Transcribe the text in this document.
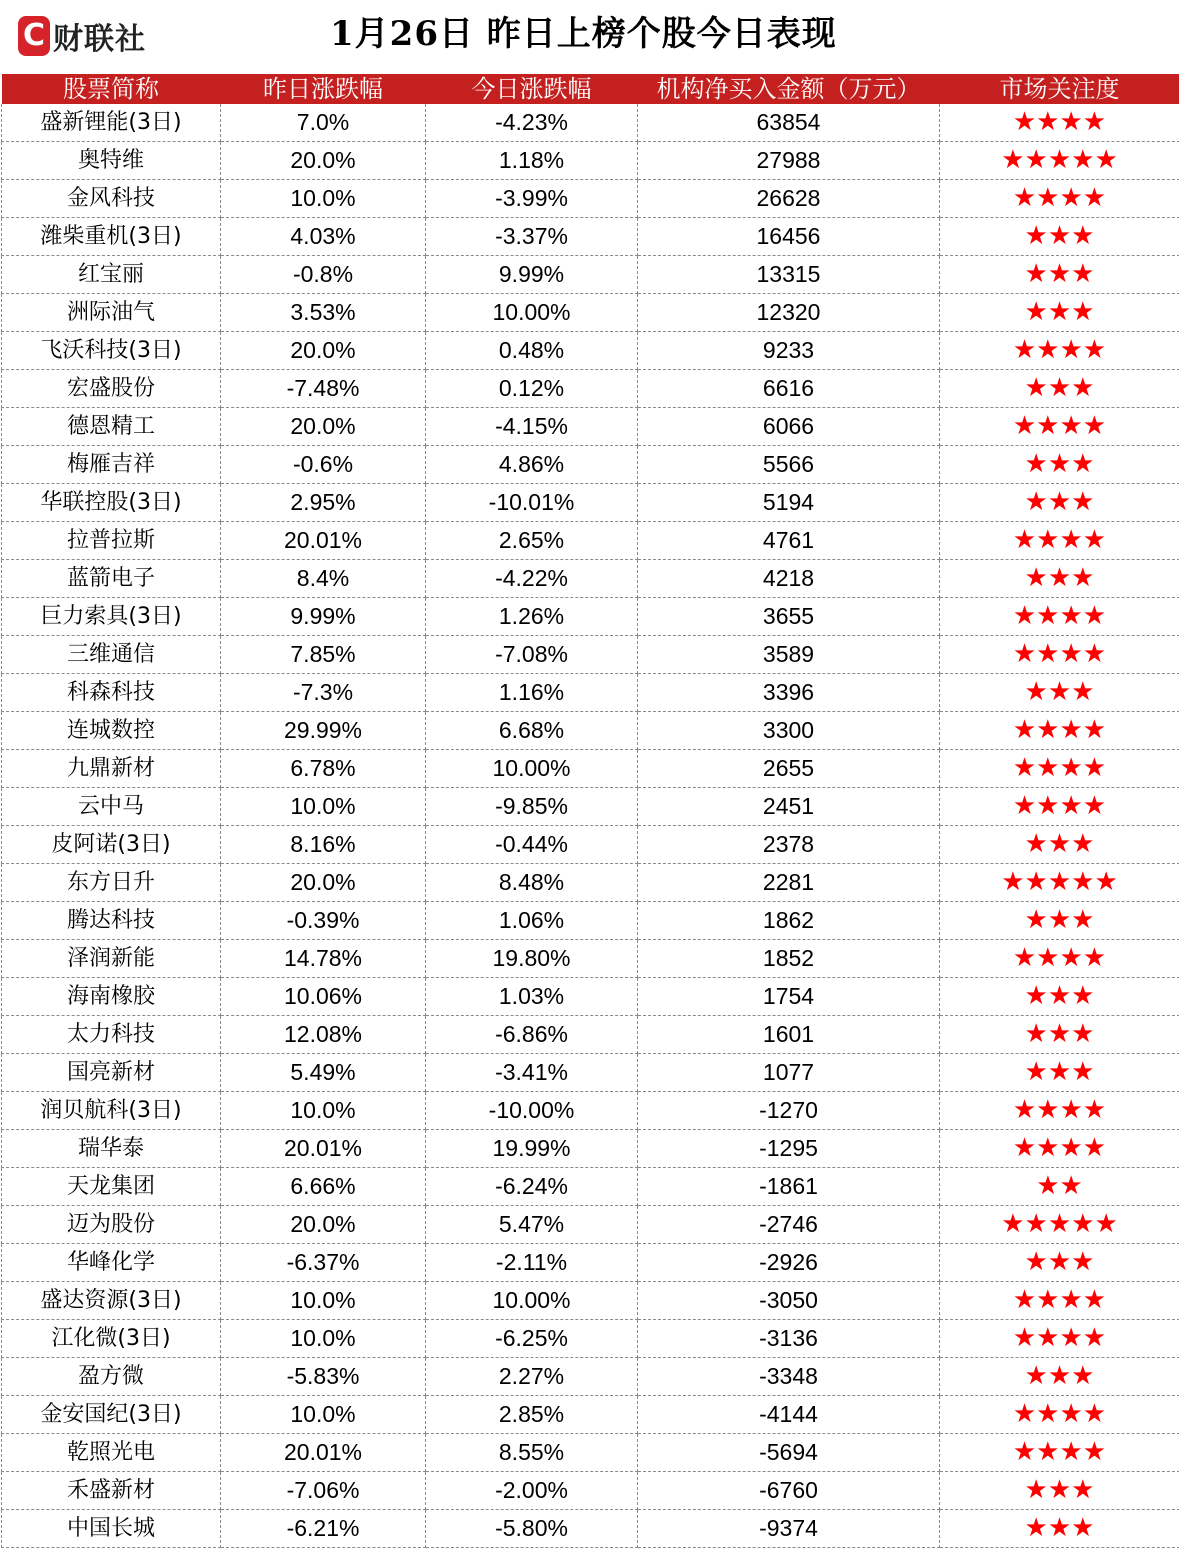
C 财联社	1月26日 昨日上榜个股今日表现
股票简称	昨日涨跌幅	今日涨跌幅	机构净买入金额（万元）	市场关注度
盛新锂能(3日)	7.0%	-4.23%	63854	★★★★
奥特维	20.0%	1.18%	27988	★★★★★
金风科技	10.0%	-3.99%	26628	★★★★
潍柴重机(3日)	4.03%	-3.37%	16456	★★★
红宝丽	-0.8%	9.99%	13315	★★★
洲际油气	3.53%	10.00%	12320	★★★
飞沃科技(3日)	20.0%	0.48%	9233	★★★★
宏盛股份	-7.48%	0.12%	6616	★★★
德恩精工	20.0%	-4.15%	6066	★★★★
梅雁吉祥	-0.6%	4.86%	5566	★★★
华联控股(3日)	2.95%	-10.01%	5194	★★★
拉普拉斯	20.01%	2.65%	4761	★★★★
蓝箭电子	8.4%	-4.22%	4218	★★★
巨力索具(3日)	9.99%	1.26%	3655	★★★★
三维通信	7.85%	-7.08%	3589	★★★★
科森科技	-7.3%	1.16%	3396	★★★
连城数控	29.99%	6.68%	3300	★★★★
九鼎新材	6.78%	10.00%	2655	★★★★
云中马	10.0%	-9.85%	2451	★★★★
皮阿诺(3日)	8.16%	-0.44%	2378	★★★
东方日升	20.0%	8.48%	2281	★★★★★
腾达科技	-0.39%	1.06%	1862	★★★
泽润新能	14.78%	19.80%	1852	★★★★
海南橡胶	10.06%	1.03%	1754	★★★
太力科技	12.08%	-6.86%	1601	★★★
国亮新材	5.49%	-3.41%	1077	★★★
润贝航科(3日)	10.0%	-10.00%	-1270	★★★★
瑞华泰	20.01%	19.99%	-1295	★★★★
天龙集团	6.66%	-6.24%	-1861	★★
迈为股份	20.0%	5.47%	-2746	★★★★★
华峰化学	-6.37%	-2.11%	-2926	★★★
盛达资源(3日)	10.0%	10.00%	-3050	★★★★
江化微(3日)	10.0%	-6.25%	-3136	★★★★
盈方微	-5.83%	2.27%	-3348	★★★
金安国纪(3日)	10.0%	2.85%	-4144	★★★★
乾照光电	20.01%	8.55%	-5694	★★★★
禾盛新材	-7.06%	-2.00%	-6760	★★★
中国长城	-6.21%	-5.80%	-9374	★★★
